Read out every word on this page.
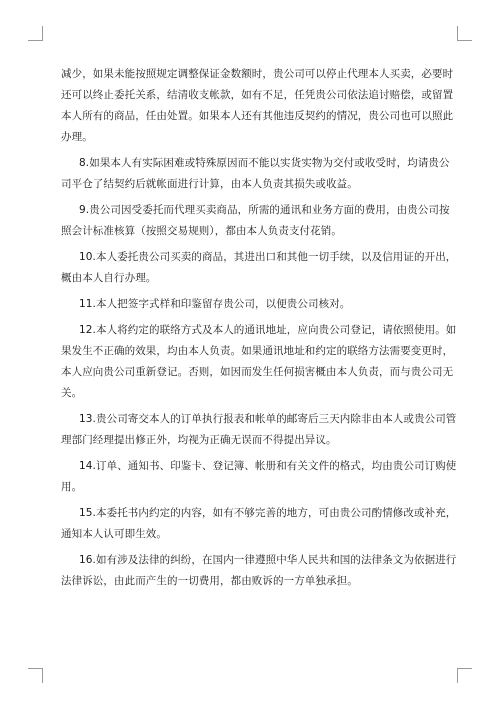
减少，如果未能按照规定调整保证金数额时，贵公司可以停止代理本人买卖，必要时
还可以终止委托关系，结清收支帐款，如有不足，任凭贵公司依法追讨赔偿，或留置
本人所有的商品，任由处置。如果本人还有其他违反契约的情况，贵公司也可以照此
办理。
8.如果本人有实际困难或特殊原因而不能以实货实物为交付或收受时，均请贵公
司平仓了结契约后就帐面进行计算，由本人负责其损失或收益。
9.贵公司因受委托而代理买卖商品，所需的通讯和业务方面的费用，由贵公司按
照会计标准核算（按照交易规则），都由本人负责支付花销。
10.本人委托贵公司买卖的商品，其进出口和其他一切手续，以及信用证的开出，
概由本人自行办理。
11.本人把签字式样和印鉴留存贵公司，以便贵公司核对。
12.本人将约定的联络方式及本人的通讯地址，应向贵公司登记，请依照使用。如
果发生不正确的效果，均由本人负责。如果通讯地址和约定的联络方法需要变更时，
本人应向贵公司重新登记。否则，如因而发生任何损害概由本人负责，而与贵公司无
关。
13.贵公司寄交本人的订单执行报表和帐单的邮寄后三天内除非由本人或贵公司管
理部门经理提出修正外，均视为正确无误而不得提出异议。
14.订单、通知书、印鉴卡、登记簿、帐册和有关文件的格式，均由贵公司订购使
用。
15.本委托书内约定的内容，如有不够完善的地方，可由贵公司酌情修改或补充，
通知本人认可即生效。
16.如有涉及法律的纠纷，在国内一律遵照中华人民共和国的法律条文为依据进行
法律诉讼，由此而产生的一切费用，都由败诉的一方单独承担。
